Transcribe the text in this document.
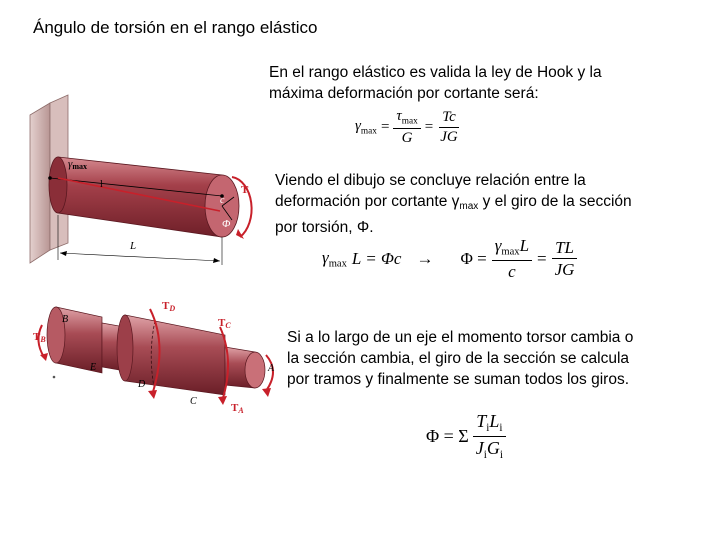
Ángulo de torsión en el rango elástico
En el rango elástico es valida la ley de Hook y la
máxima deformación por cortante será:
$\gamma_{max} = \frac{\tau_{max}}{G} = \frac{Tc}{JG}$
Viendo el dibujo se concluye relación entre la
deformación por cortante γmax y el giro de la sección
por torsión, Φ.
$\gamma_{max}$ $L = \Phi c \to \Phi = \frac{\gamma_{max}L}{c} = \frac{TL}{JG}$
Si a lo largo de un eje el momento torsor cambia o
la sección cambia, el giro de la sección se calcula
por tramos y finalmente se suman todos los giros.
Φ = Σ $\frac{T_iL_i}{J_iG_i}$
γmax
l	T
c
Φ
L
TD
TC
TB
TA
B
E
D
C
A
